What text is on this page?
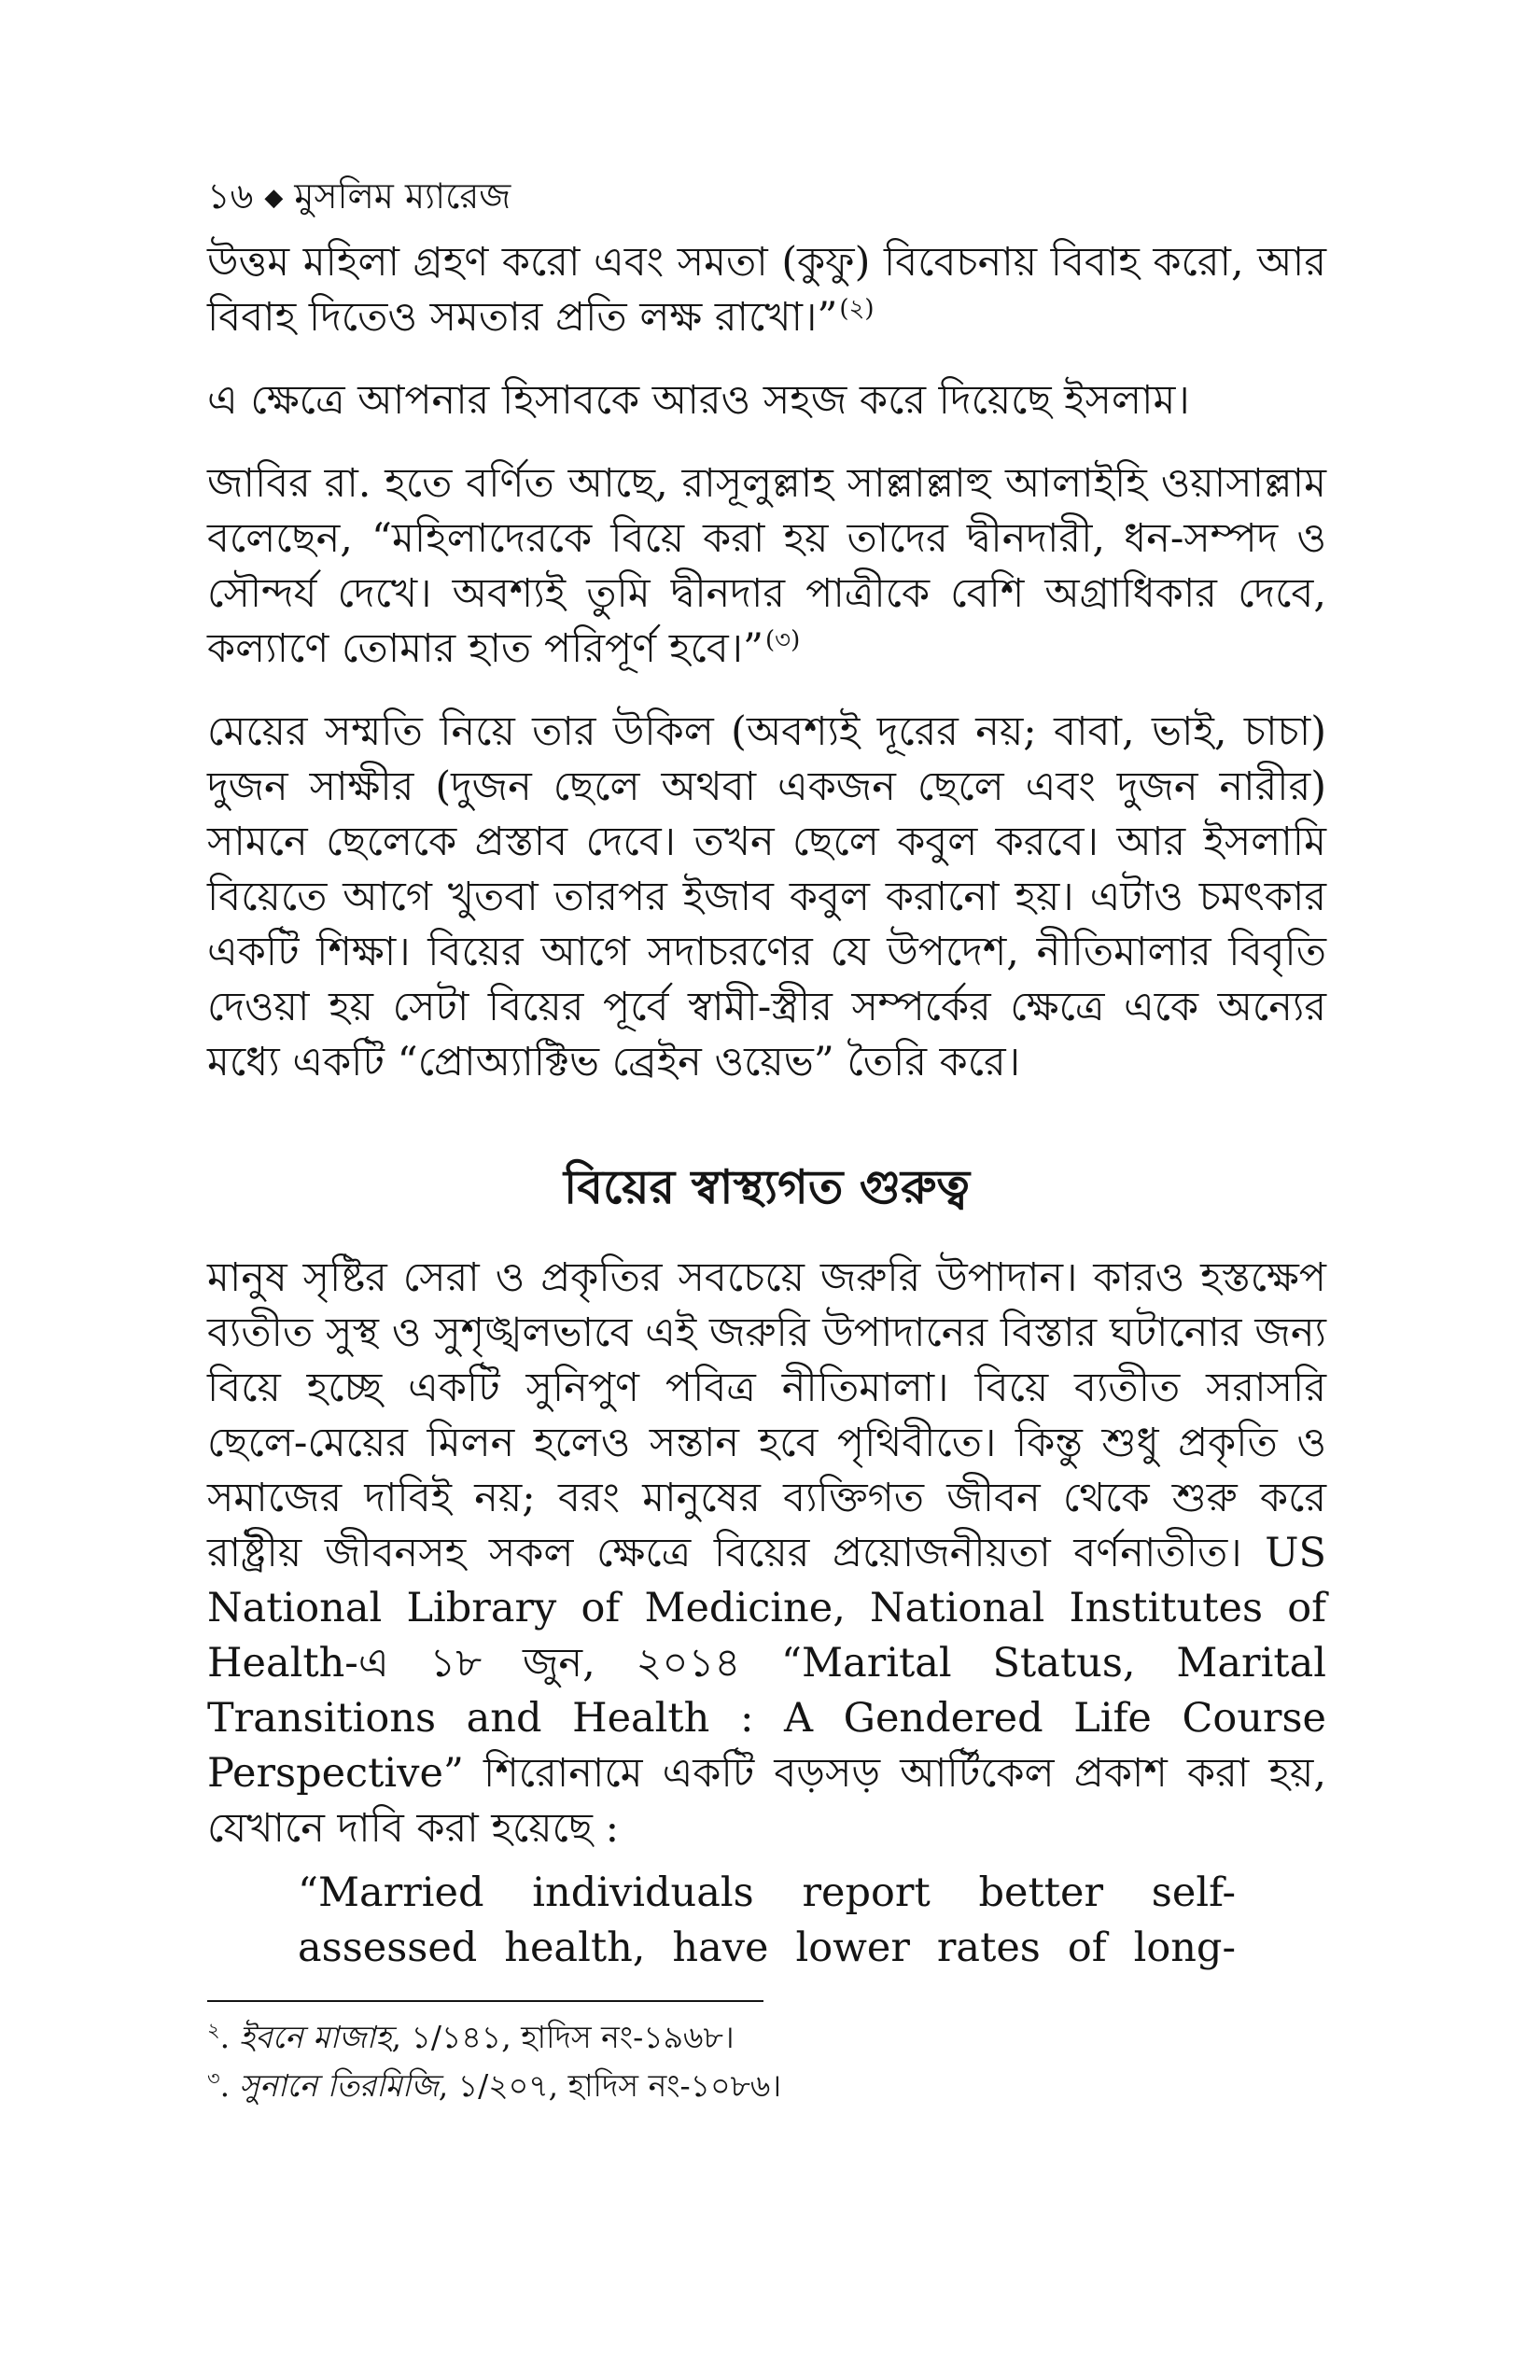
১৬ ◆ মুসলিম ম্যারেজ

উত্তম মহিলা গ্রহণ করো এবং সমতা (কুফু) বিবেচনায় বিবাহ করো, আর বিবাহ দিতেও সমতার প্রতি লক্ষ রাখো।”$^{(২)}$

এ ক্ষেত্রে আপনার হিসাবকে আরও সহজ করে দিয়েছে ইসলাম।

জাবির রা. হতে বর্ণিত আছে, রাসূলুল্লাহ সাল্লাল্লাহু আলাইহি ওয়াসাল্লাম বলেছেন, “মহিলাদেরকে বিয়ে করা হয় তাদের দ্বীনদারী, ধন-সম্পদ ও সৌন্দর্য দেখে। অবশ্যই তুমি দ্বীনদার পাত্রীকে বেশি অগ্রাধিকার দেবে, কল্যাণে তোমার হাত পরিপূর্ণ হবে।”$^{(৩)}$

মেয়ের সম্মতি নিয়ে তার উকিল (অবশ্যই দূরের নয়; বাবা, ভাই, চাচা) দুজন সাক্ষীর (দুজন ছেলে অথবা একজন ছেলে এবং দুজন নারীর) সামনে ছেলেকে প্রস্তাব দেবে। তখন ছেলে কবুল করবে। আর ইসলামি বিয়েতে আগে খুতবা তারপর ইজাব কবুল করানো হয়। এটাও চমৎকার একটি শিক্ষা। বিয়ের আগে সদাচরণের যে উপদেশ, নীতিমালার বিবৃতি দেওয়া হয় সেটা বিয়ের পূর্বে স্বামী-স্ত্রীর সম্পর্কের ক্ষেত্রে একে অন্যের মধ্যে একটি “প্রোঅ্যাক্টিভ ব্রেইন ওয়েভ” তৈরি করে।

বিয়ের স্বাস্থ্যগত গুরুত্ব

মানুষ সৃষ্টির সেরা ও প্রকৃতির সবচেয়ে জরুরি উপাদান। কারও হস্তক্ষেপ ব্যতীত সুস্থ ও সুশৃঙ্খলভাবে এই জরুরি উপাদানের বিস্তার ঘটানোর জন্য বিয়ে হচ্ছে একটি সুনিপুণ পবিত্র নীতিমালা। বিয়ে ব্যতীত সরাসরি ছেলে-মেয়ের মিলন হলেও সন্তান হবে পৃথিবীতে। কিন্তু শুধু প্রকৃতি ও সমাজের দাবিই নয়; বরং মানুষের ব্যক্তিগত জীবন থেকে শুরু করে রাষ্ট্রীয় জীবনসহ সকল ক্ষেত্রে বিয়ের প্রয়োজনীয়তা বর্ণনাতীত। US National Library of Medicine, National Institutes of Health-এ ১৮ জুন, ২০১৪ “Marital Status, Marital Transitions and Health : A Gendered Life Course Perspective” শিরোনামে একটি বড়সড় আর্টিকেল প্রকাশ করা হয়, যেখানে দাবি করা হয়েছে :

“Married individuals report better self-assessed health, have lower rates of long-
$^২$. ইবনে মাজাহ, ১/১৪১, হাদিস নং-১৯৬৮।
$^৩$. সুনানে তিরমিজি, ১/২০৭, হাদিস নং-১০৮৬।
